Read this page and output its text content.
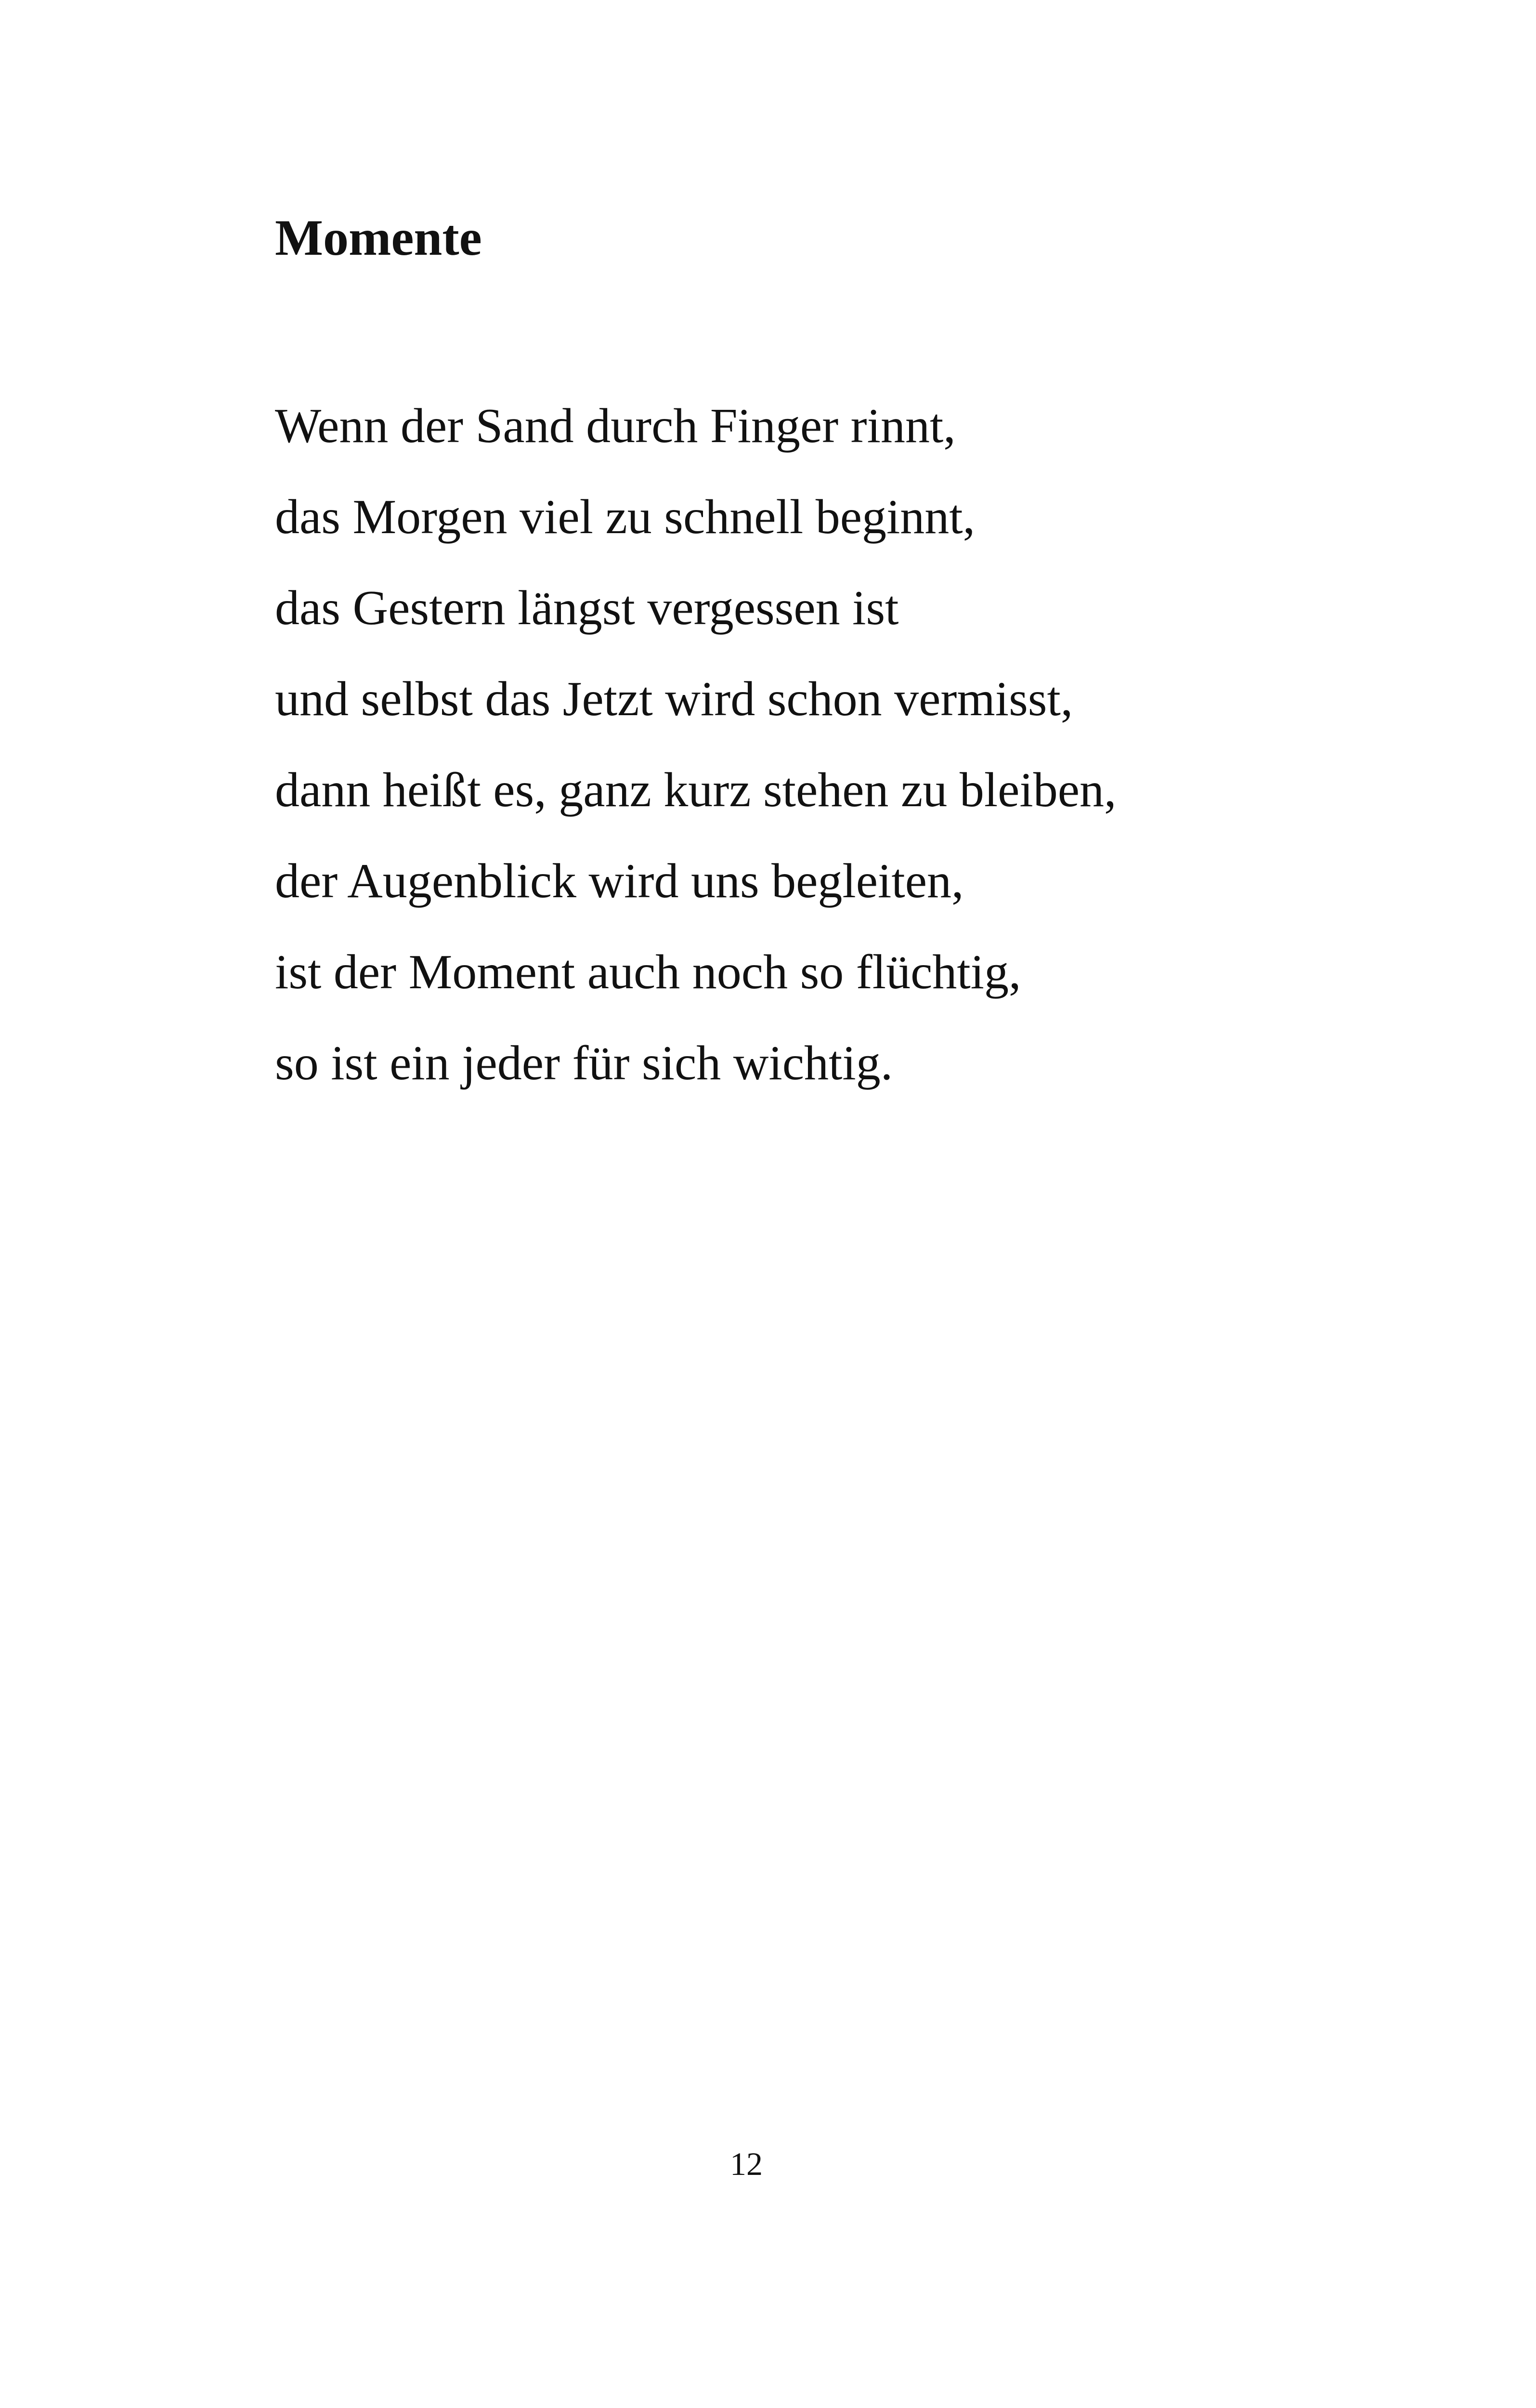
Momente
Wenn der Sand durch Finger rinnt,
das Morgen viel zu schnell beginnt,
das Gestern längst vergessen ist
und selbst das Jetzt wird schon vermisst,
dann heißt es, ganz kurz stehen zu bleiben,
der Augenblick wird uns begleiten,
ist der Moment auch noch so flüchtig,
so ist ein jeder für sich wichtig.
12
